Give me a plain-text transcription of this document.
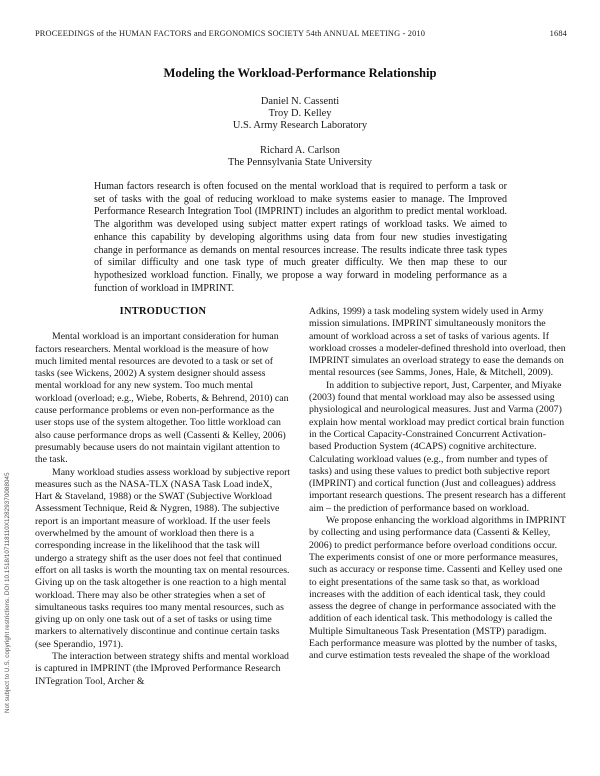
PROCEEDINGS of the HUMAN FACTORS and ERGONOMICS SOCIETY 54th ANNUAL MEETING - 2010	1684
Not subject to U.S. copyright restrictions. DOI 10.1518/107118110X12829370088045
Modeling the Workload-Performance Relationship

Daniel N. Cassenti

Troy D. Kelley

U.S. Army Research Laboratory

Richard A. Carlson

The Pennsylvania State University

Human factors research is often focused on the mental workload that is required to perform a task or set of tasks with the goal of reducing workload to make systems easier to manage. The Improved Performance Research Integration Tool (IMPRINT) includes an algorithm to predict mental workload. The algorithm was developed using subject matter expert ratings of workload tasks. We aimed to enhance this capability by developing algorithms using data from four new studies investigating change in performance as demands on mental resources increase. The results indicate three task types of similar difficulty and one task type of much greater difficulty. We then map these to our hypothesized workload function. Finally, we propose a way forward in modeling performance as a function of workload in IMPRINT.
INTRODUCTION

Mental workload is an important consideration for human factors researchers. Mental workload is the measure of how much limited mental resources are devoted to a task or set of tasks (see Wickens, 2002) A system designer should assess mental workload for any new system. Too much mental workload (overload; e.g., Wiebe, Roberts, & Behrend, 2010) can cause performance problems or even non-performance as the user stops use of the system altogether. Too little workload can also cause performance drops as well (Cassenti & Kelley, 2006) presumably because users do not maintain vigilant attention to the task.

Many workload studies assess workload by subjective report measures such as the NASA-TLX (NASA Task Load indeX, Hart & Staveland, 1988) or the SWAT (Subjective Workload Assessment Technique, Reid & Nygren, 1988). The subjective report is an important measure of workload. If the user feels overwhelmed by the amount of workload then there is a corresponding increase in the likelihood that the task will undergo a strategy shift as the user does not feel that continued effort on all tasks is worth the mounting tax on mental resources. Giving up on the task altogether is one reaction to a high mental workload. There may also be other strategies when a set of simultaneous tasks requires too many mental resources, such as giving up on only one task out of a set of tasks or using time markers to alternatively discontinue and continue certain tasks (see Sperandio, 1971).

The interaction between strategy shifts and mental workload is captured in IMPRINT (the IMproved Performance Research INTegration Tool, Archer &

Adkins, 1999) a task modeling system widely used in Army mission simulations. IMPRINT simultaneously monitors the amount of workload across a set of tasks of various agents. If workload crosses a modeler-defined threshold into overload, then IMPRINT simulates an overload strategy to ease the demands on mental resources (see Samms, Jones, Hale, & Mitchell, 2009).

In addition to subjective report, Just, Carpenter, and Miyake (2003) found that mental workload may also be assessed using physiological and neurological measures. Just and Varma (2007) explain how mental workload may predict cortical brain function in the Cortical Capacity-Constrained Concurrent Activation-based Production System (4CAPS) cognitive architecture. Calculating workload values (e.g., from number and types of tasks) and using these values to predict both subjective report (IMPRINT) and cortical function (Just and colleagues) address important research questions. The present research has a different aim – the prediction of performance based on workload.

We propose enhancing the workload algorithms in IMPRINT by collecting and using performance data (Cassenti & Kelley, 2006) to predict performance before overload conditions occur. The experiments consist of one or more performance measures, such as accuracy or response time. Cassenti and Kelley used one to eight presentations of the same task so that, as workload increases with the addition of each identical task, they could assess the degree of change in performance associated with the addition of each identical task. This methodology is called the Multiple Simultaneous Task Presentation (MSTP) paradigm. Each performance measure was plotted by the number of tasks, and curve estimation tests revealed the shape of the workload
